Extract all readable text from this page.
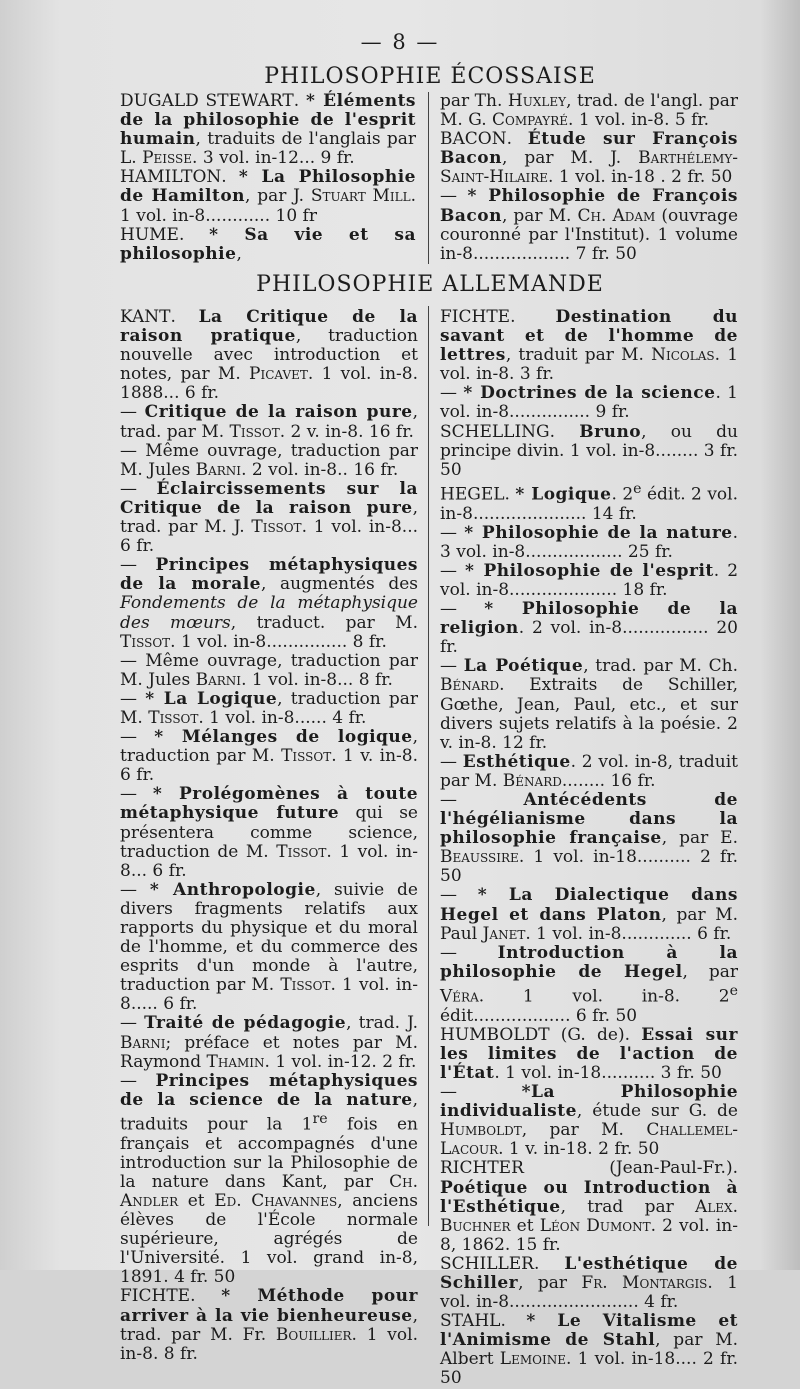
— 8 —
PHILOSOPHIE ÉCOSSAISE

DUGALD STEWART. * Éléments de la philosophie de l'esprit humain, traduits de l'anglais par L. Peisse. 3 vol. in-12... 9 fr.

HAMILTON. * La Philosophie de Hamilton, par J. Stuart Mill. 1 vol. in-8............ 10 fr

HUME. * Sa vie et sa philosophie,

par Th. Huxley, trad. de l'angl. par M. G. Compayré. 1 vol. in-8. 5 fr.

BACON. Étude sur François Bacon, par M. J. Barthélemy-Saint-Hilaire. 1 vol. in-18 . 2 fr. 50

— * Philosophie de François Bacon, par M. Ch. Adam (ouvrage couronné par l'Institut). 1 volume in-8.................. 7 fr. 50

PHILOSOPHIE ALLEMANDE

KANT. La Critique de la raison pratique, traduction nouvelle avec introduction et notes, par M. Picavet. 1 vol. in-8. 1888... 6 fr.

— Critique de la raison pure, trad. par M. Tissot. 2 v. in-8. 16 fr.

— Même ouvrage, traduction par M. Jules Barni. 2 vol. in-8.. 16 fr.

— Éclaircissements sur la Critique de la raison pure, trad. par M. J. Tissot. 1 vol. in-8... 6 fr.

— Principes métaphysiques de la morale, augmentés des Fondements de la métaphysique des mœurs, traduct. par M. Tissot. 1 vol. in-8............... 8 fr.

— Même ouvrage, traduction par M. Jules Barni. 1 vol. in-8... 8 fr.

— * La Logique, traduction par M. Tissot. 1 vol. in-8...... 4 fr.

— * Mélanges de logique, traduction par M. Tissot. 1 v. in-8. 6 fr.

— * Prolégomènes à toute métaphysique future qui se présentera comme science, traduction de M. Tissot. 1 vol. in-8... 6 fr.

— * Anthropologie, suivie de divers fragments relatifs aux rapports du physique et du moral de l'homme, et du commerce des esprits d'un monde à l'autre, traduction par M. Tissot. 1 vol. in-8..... 6 fr.

— Traité de pédagogie, trad. J. Barni; préface et notes par M. Raymond Thamin. 1 vol. in-12. 2 fr.

— Principes métaphysiques de la science de la nature, traduits pour la 1re fois en français et accompagnés d'une introduction sur la Philosophie de la nature dans Kant, par Ch. Andler et Ed. Chavannes, anciens élèves de l'École normale supérieure, agrégés de l'Université. 1 vol. grand in-8, 1891. 4 fr. 50

FICHTE. * Méthode pour arriver à la vie bienheureuse, trad. par M. Fr. Bouillier. 1 vol. in-8. 8 fr.

FICHTE. Destination du savant et de l'homme de lettres, traduit par M. Nicolas. 1 vol. in-8. 3 fr.

— * Doctrines de la science. 1 vol. in-8............... 9 fr.

SCHELLING. Bruno, ou du principe divin. 1 vol. in-8........ 3 fr. 50

HEGEL. * Logique. 2e édit. 2 vol. in-8..................... 14 fr.

— * Philosophie de la nature. 3 vol. in-8.................. 25 fr.

— * Philosophie de l'esprit. 2 vol. in-8.................... 18 fr.

— * Philosophie de la religion. 2 vol. in-8................ 20 fr.

— La Poétique, trad. par M. Ch. Bénard. Extraits de Schiller, Gœthe, Jean, Paul, etc., et sur divers sujets relatifs à la poésie. 2 v. in-8. 12 fr.

— Esthétique. 2 vol. in-8, traduit par M. Bénard........ 16 fr.

— Antécédents de l'hégélianisme dans la philosophie française, par E. Beaussire. 1 vol. in-18.......... 2 fr. 50

— * La Dialectique dans Hegel et dans Platon, par M. Paul Janet. 1 vol. in-8............. 6 fr.

— Introduction à la philosophie de Hegel, par Véra. 1 vol. in-8. 2e édit.................. 6 fr. 50

HUMBOLDT (G. de). Essai sur les limites de l'action de l'État. 1 vol. in-18.......... 3 fr. 50

— *La Philosophie individualiste, étude sur G. de Humboldt, par M. Challemel-Lacour. 1 v. in-18. 2 fr. 50

RICHTER (Jean-Paul-Fr.). Poétique ou Introduction à l'Esthétique, trad par Alex. Buchner et Léon Dumont. 2 vol. in-8, 1862. 15 fr.

SCHILLER. L'esthétique de Schiller, par Fr. Montargis. 1 vol. in-8........................ 4 fr.

STAHL. * Le Vitalisme et l'Animisme de Stahl, par M. Albert Lemoine. 1 vol. in-18.... 2 fr. 50
